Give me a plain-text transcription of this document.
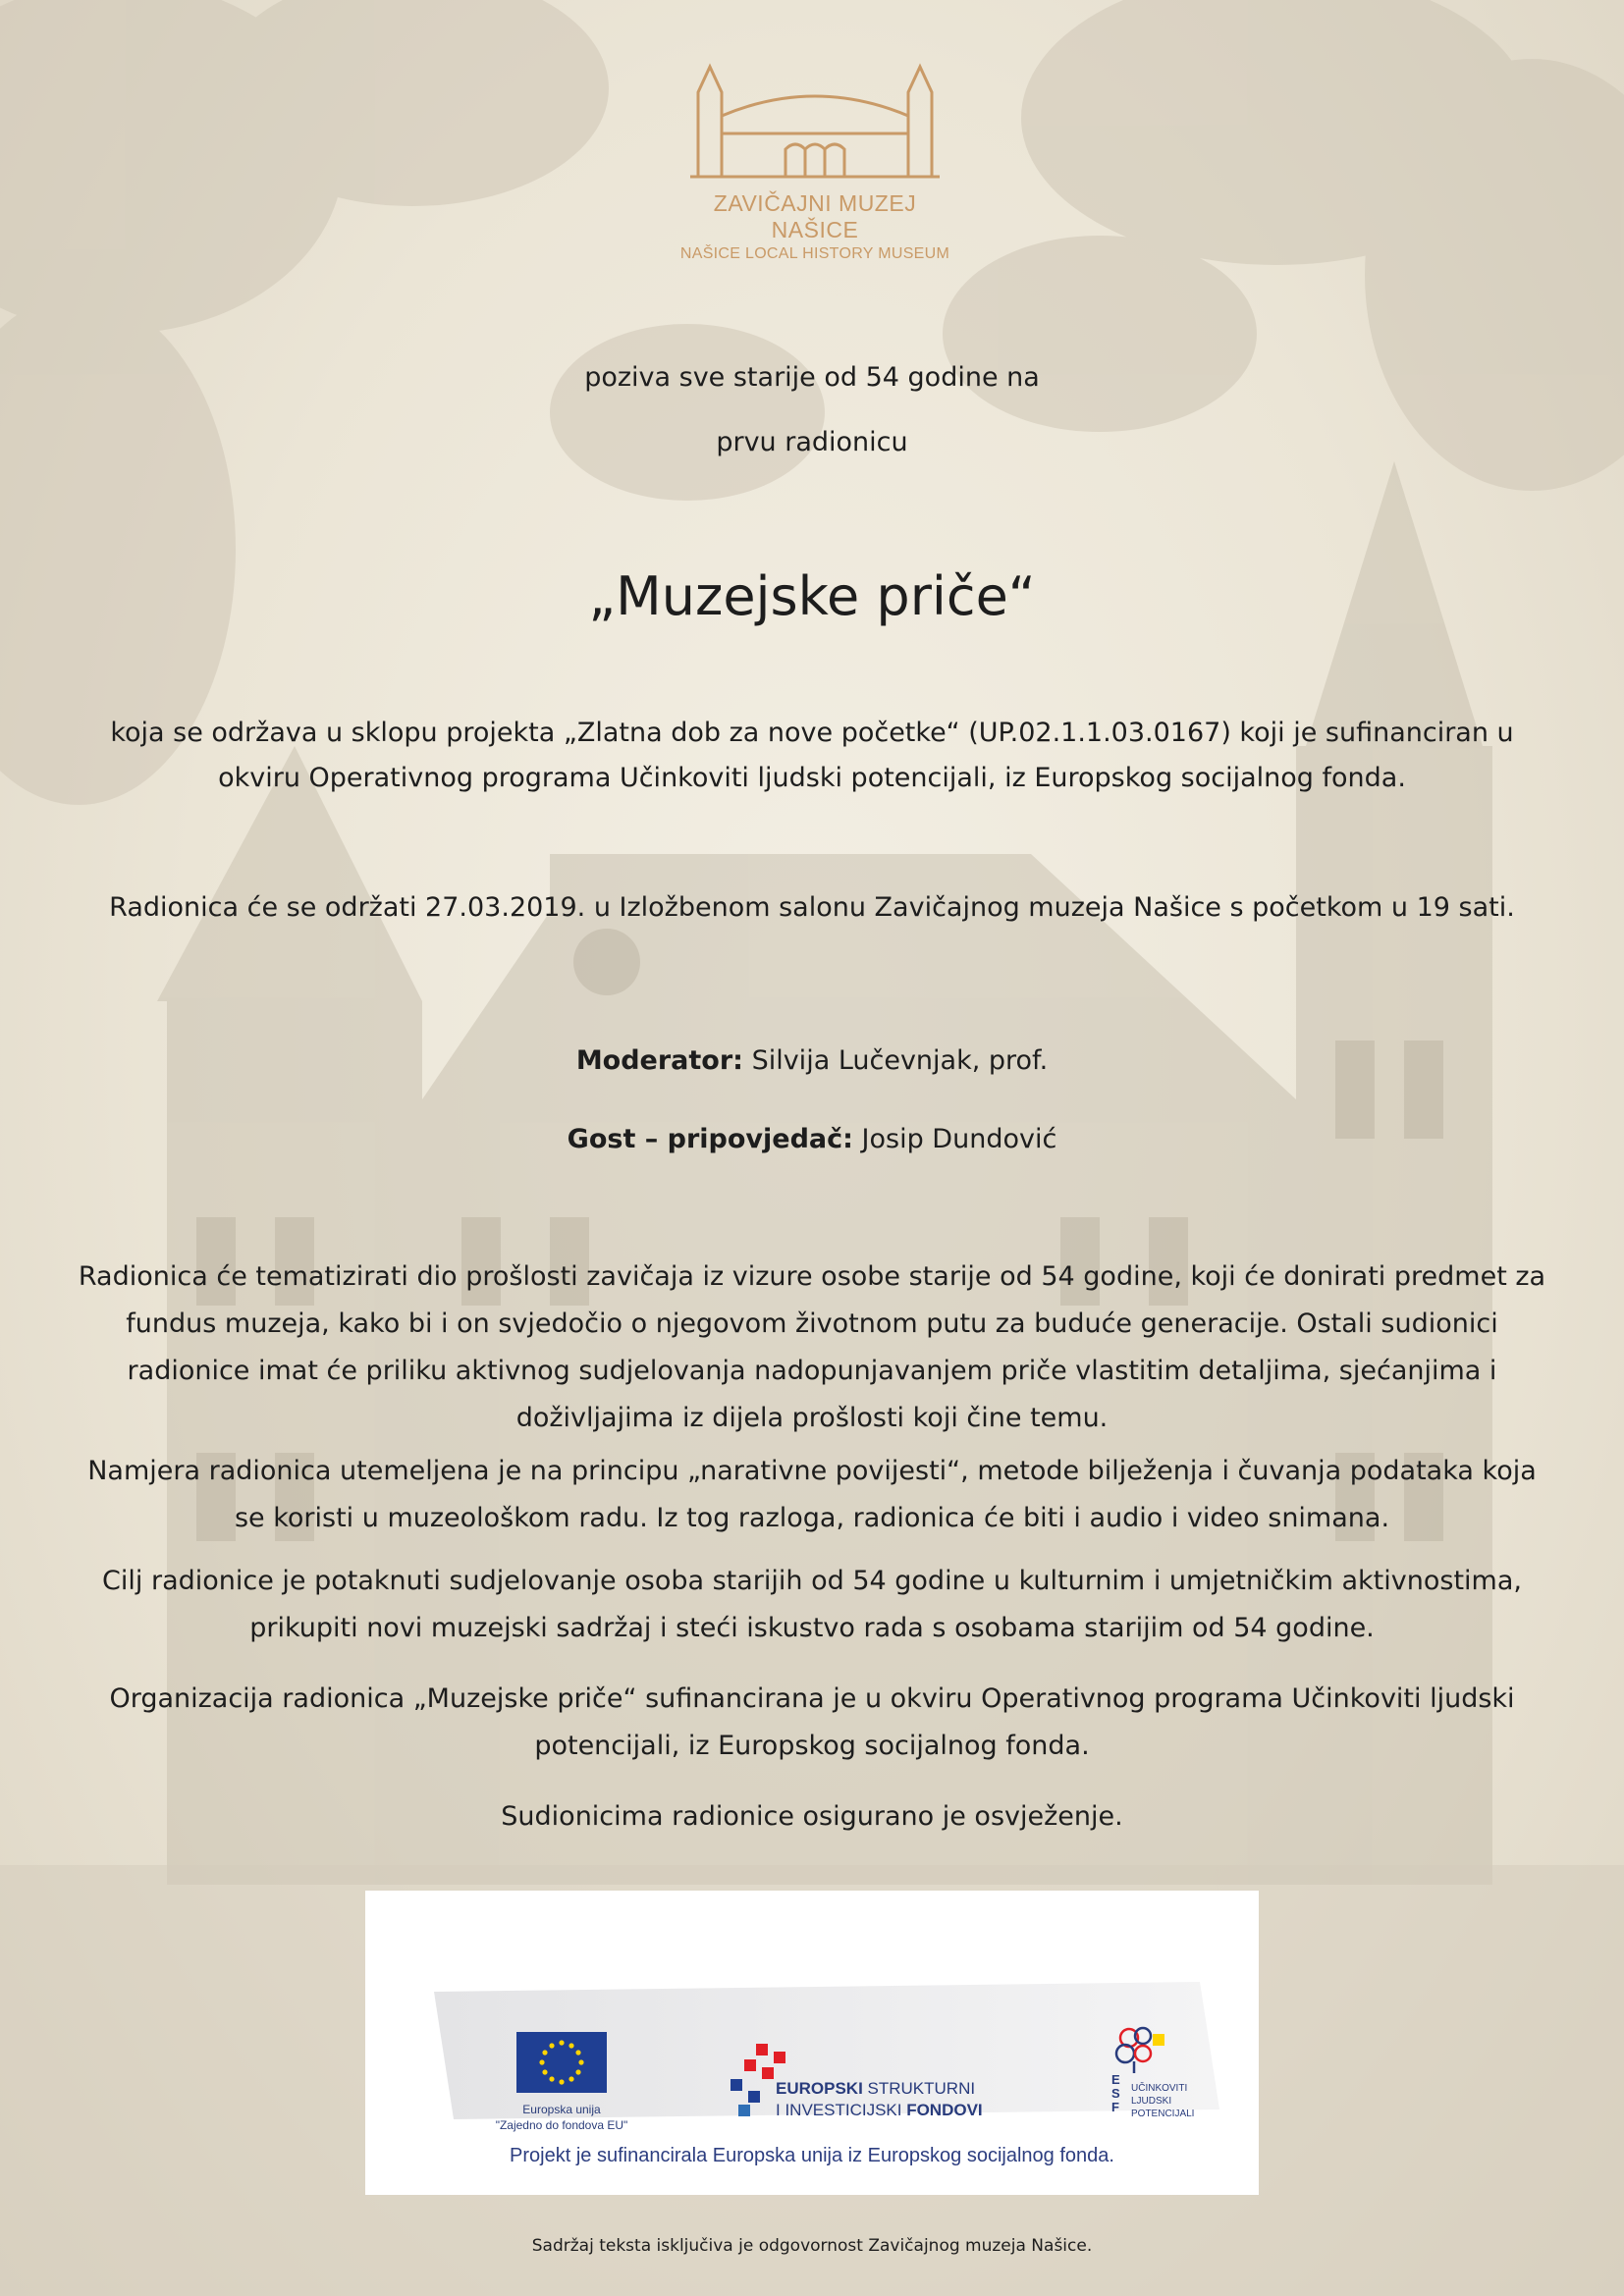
ZAVIČAJNI MUZEJ NAŠICE
NAŠICE LOCAL HISTORY MUSEUM
poziva sve starije od 54 godine na
prvu radionicu
„Muzejske priče“
koja se održava u sklopu projekta „Zlatna dob za nove početke“ (UP.02.1.1.03.0167) koji je sufinanciran u
okviru Operativnog programa Učinkoviti ljudski potencijali, iz Europskog socijalnog fonda.
Radionica će se održati 27.03.2019. u Izložbenom salonu Zavičajnog muzeja Našice s početkom u 19 sati.
Moderator: Silvija Lučevnjak, prof.
Gost – pripovjedač: Josip Dundović
Radionica će tematizirati dio prošlosti zavičaja iz vizure osobe starije od 54 godine, koji će donirati predmet za
fundus muzeja, kako bi i on svjedočio o njegovom životnom putu za buduće generacije. Ostali sudionici
radionice imat će priliku aktivnog sudjelovanja nadopunjavanjem priče vlastitim detaljima, sjećanjima i
doživljajima iz dijela prošlosti koji čine temu.
Namjera radionica utemeljena je na principu „narativne povijesti“, metode bilježenja i čuvanja podataka koja
se koristi u muzeološkom radu. Iz tog razloga, radionica će biti i audio i video snimana.
Cilj radionice je potaknuti sudjelovanje osoba starijih od 54 godine u kulturnim i umjetničkim aktivnostima,
prikupiti novi muzejski sadržaj i steći iskustvo rada s osobama starijim od 54 godine.
Organizacija radionica „Muzejske priče“ sufinancirana je u okviru Operativnog programa Učinkoviti ljudski
potencijali, iz Europskog socijalnog fonda.
Sudionicima radionice osigurano je osvježenje.
Europska unija
"Zajedno do fondova EU"
EUROPSKI STRUKTURNI
I INVESTICIJSKI FONDOVI
E
S
F
UČINKOVITI
LJUDSKI
POTENCIJALI
Projekt je sufinancirala Europska unija iz Europskog socijalnog fonda.
Sadržaj teksta isključiva je odgovornost Zavičajnog muzeja Našice.
